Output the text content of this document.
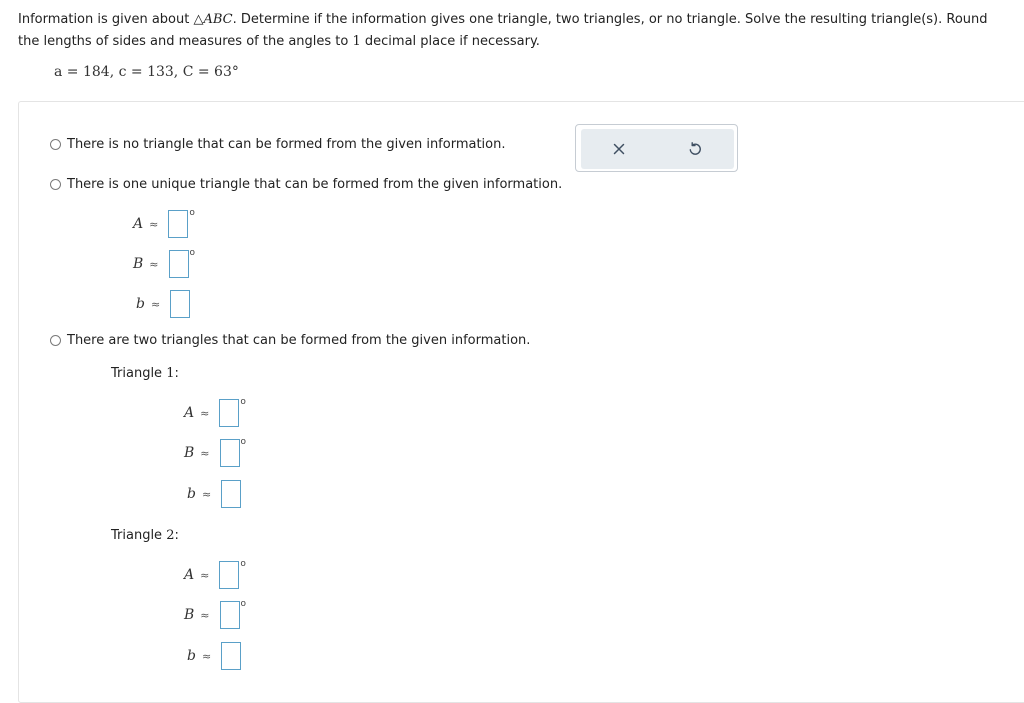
Information is given about △ABC. Determine if the information gives one triangle, two triangles, or no triangle. Solve the resulting triangle(s). Round the lengths of sides and measures of the angles to 1 decimal place if necessary.
a = 184, c = 133, C = 63°
There is no triangle that can be formed from the given information.
There is one unique triangle that can be formed from the given information.
A ≈
o
B ≈
o
b ≈
There are two triangles that can be formed from the given information.
Triangle 1:
A ≈
o
B ≈
o
b ≈
Triangle 2:
A ≈
o
B ≈
o
b ≈
